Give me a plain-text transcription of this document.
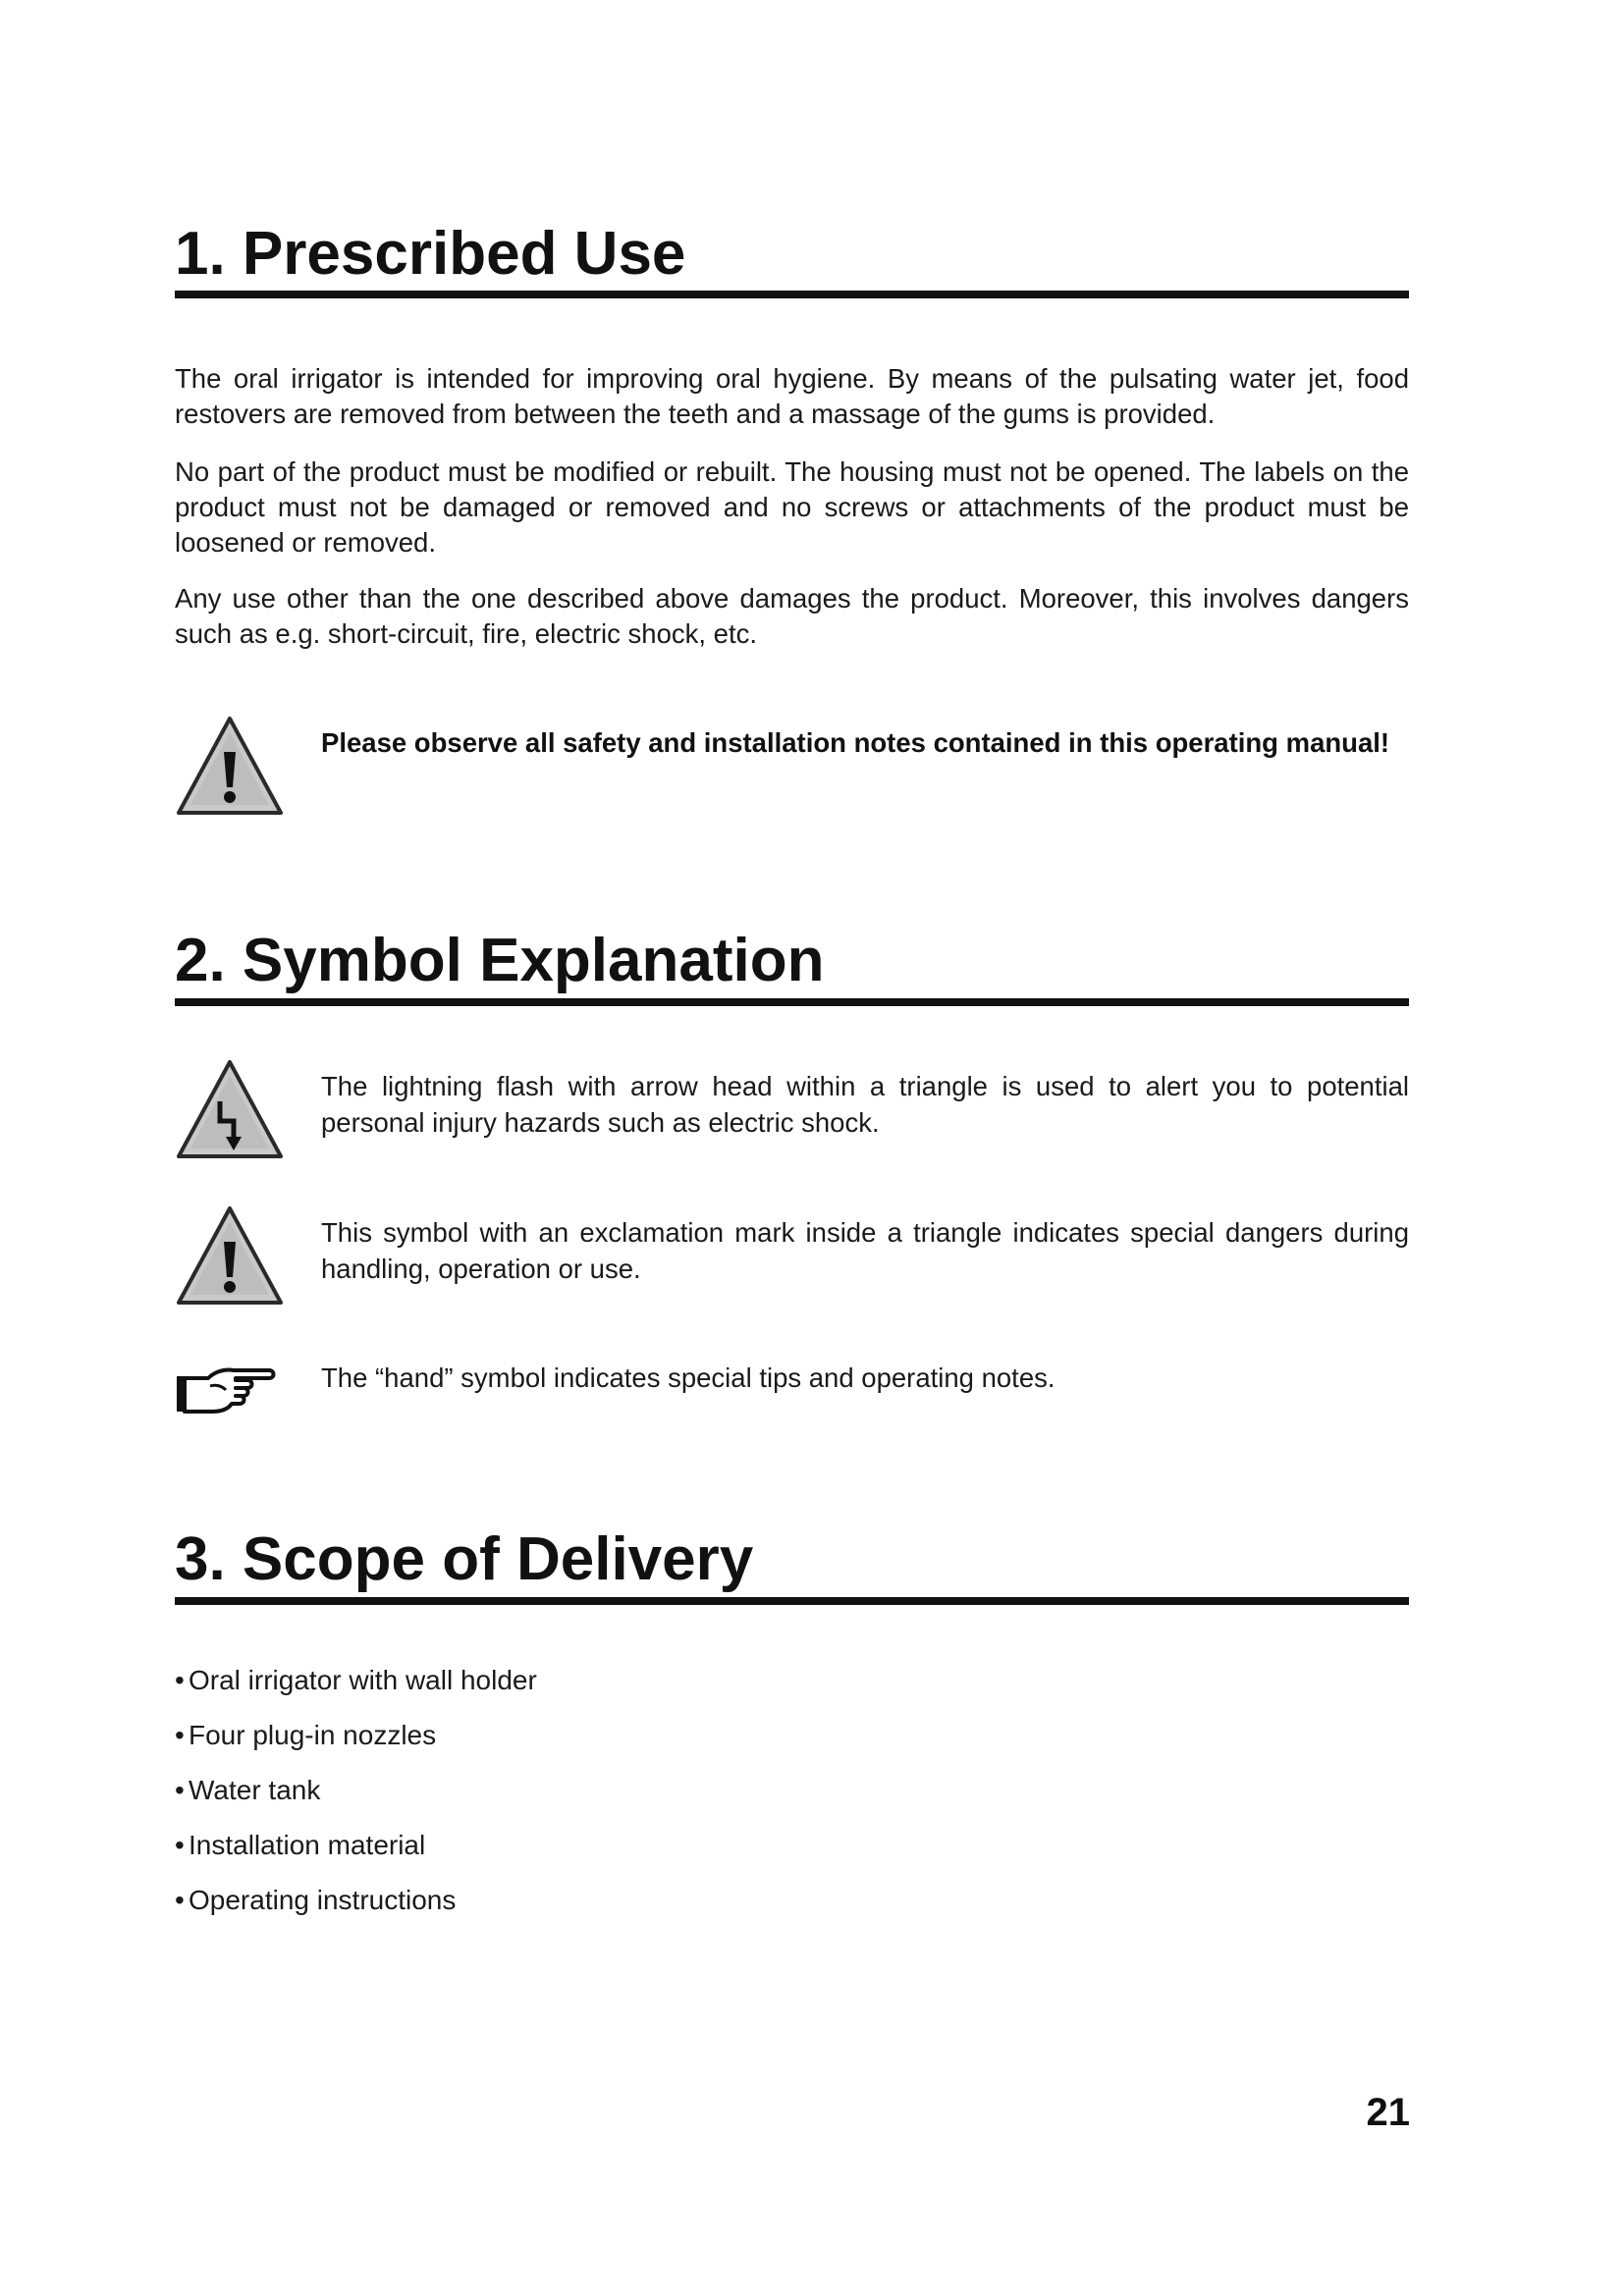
1. Prescribed Use

The oral irrigator is intended for improving oral hygiene. By means of the pulsating water jet, food restovers are removed from between the teeth and a massage of the gums is provided.

No part of the product must be modified or rebuilt. The housing must not be opened. The labels on the product must not be damaged or removed and no screws or attachments of the product must be loosened or removed.

Any use other than the one described above damages the product. Moreover, this involves dangers such as e.g. short-circuit, fire, electric shock, etc.

Please observe all safety and installation notes contained in this operating manual!

2. Symbol Explanation

The lightning flash with arrow head within a triangle is used to alert you to potential personal injury hazards such as electric shock.

This symbol with an exclamation mark inside a triangle indicates special dangers during handling, operation or use.

The “hand” symbol indicates special tips and operating notes.

3. Scope of Delivery
• Oral irrigator with wall holder
• Four plug-in nozzles
• Water tank
• Installation material
• Operating instructions
21
